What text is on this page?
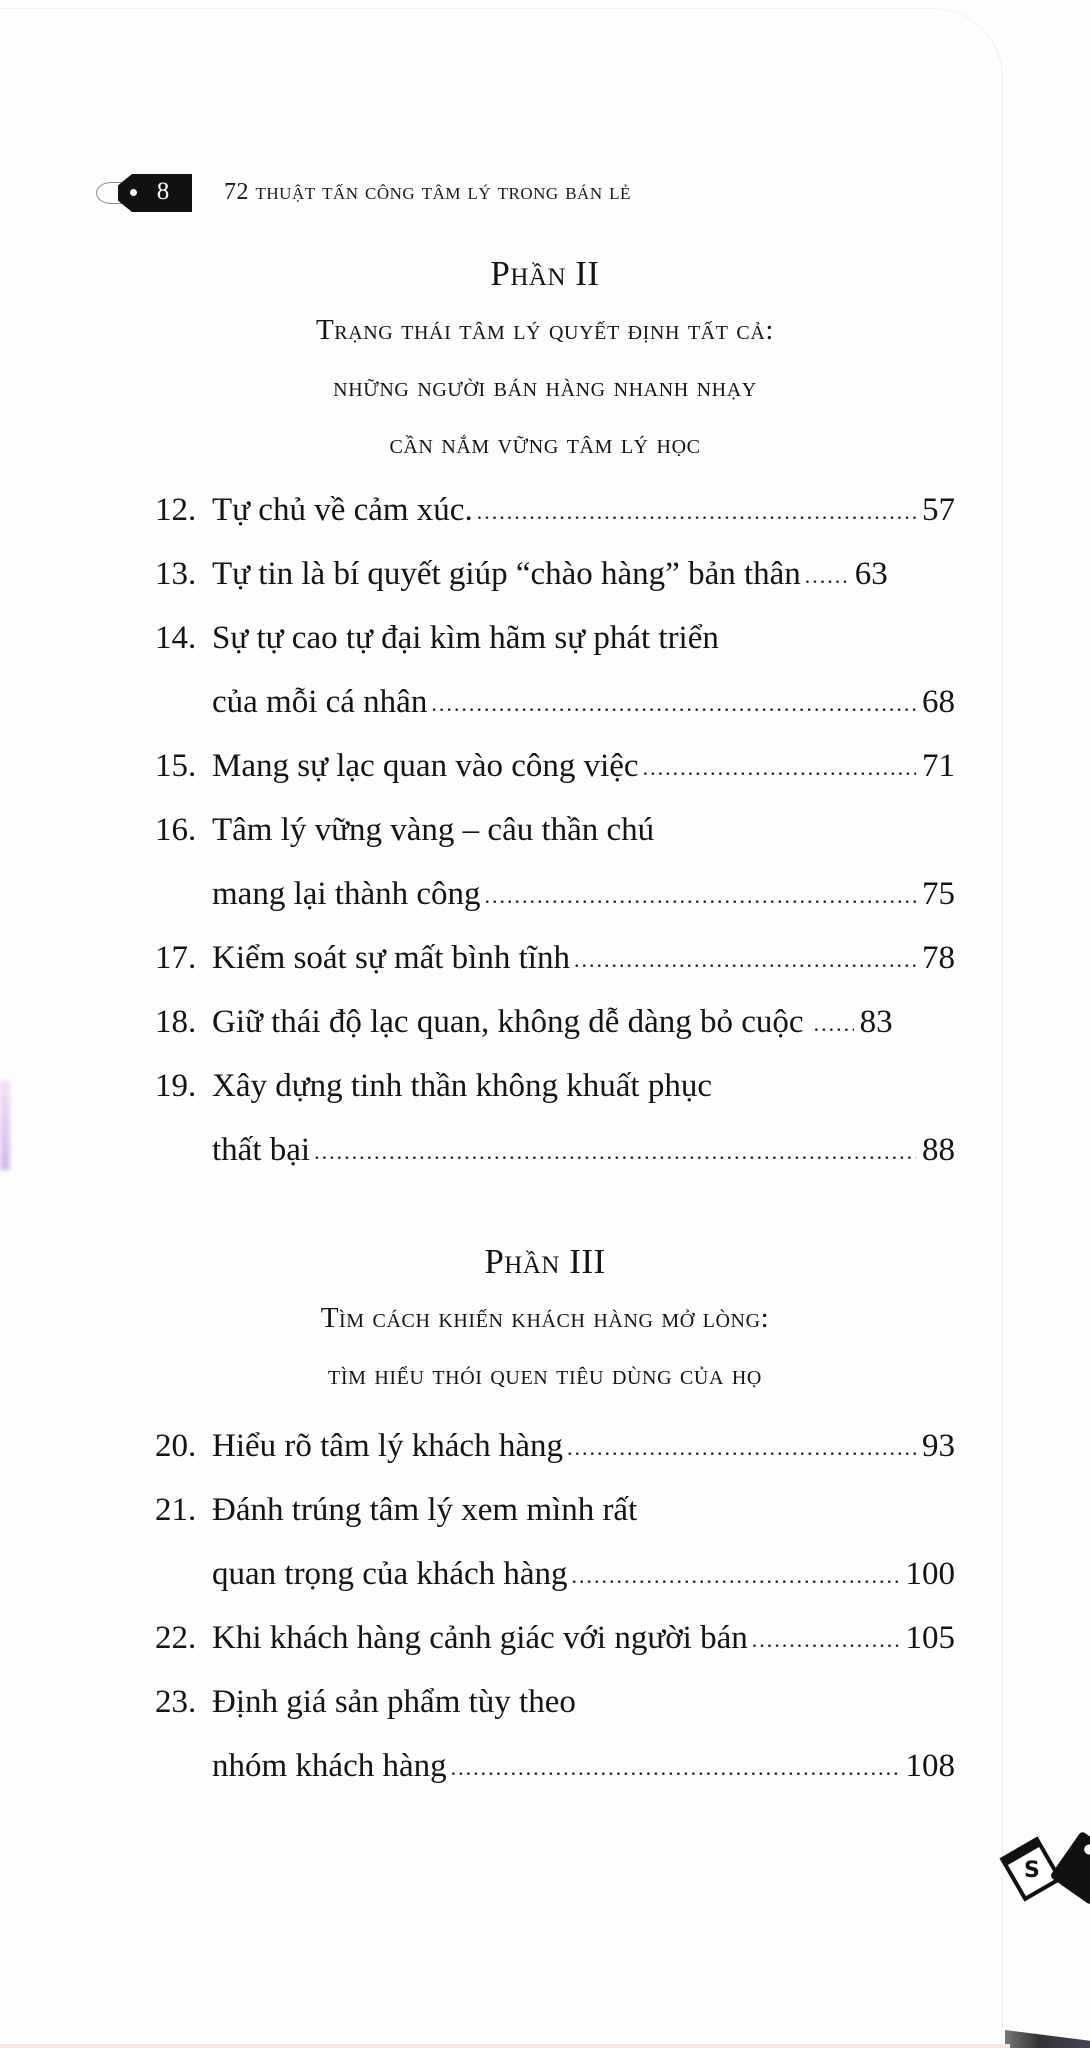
8	72 thuật tấn công tâm lý trong bán lẻ
Phần II
Trạng thái tâm lý quyết định tất cả:
những người bán hàng nhanh nhạy
cần nắm vững tâm lý học
12. Tự chủ về cảm xúc. .....	57
13. Tự tin là bí quyết giúp “chào hàng” bản thân ..... 63
14. Sự tự cao tự đại kìm hãm sự phát triển
của mỗi cá nhân .....	68
15. Mang sự lạc quan vào công việc .....	71
16. Tâm lý vững vàng – câu thần chú
mang lại thành công .....	75
17. Kiểm soát sự mất bình tĩnh .....	78
18. Giữ thái độ lạc quan, không dễ dàng bỏ cuộc ..... 83
19. Xây dựng tinh thần không khuất phục
thất bại .....	88
Phần III
Tìm cách khiến khách hàng mở lòng:
tìm hiểu thói quen tiêu dùng của họ
20. Hiểu rõ tâm lý khách hàng .....	93
21. Đánh trúng tâm lý xem mình rất
quan trọng của khách hàng .....	100
22. Khi khách hàng cảnh giác với người bán .....	105
23. Định giá sản phẩm tùy theo
nhóm khách hàng .....	108
S
